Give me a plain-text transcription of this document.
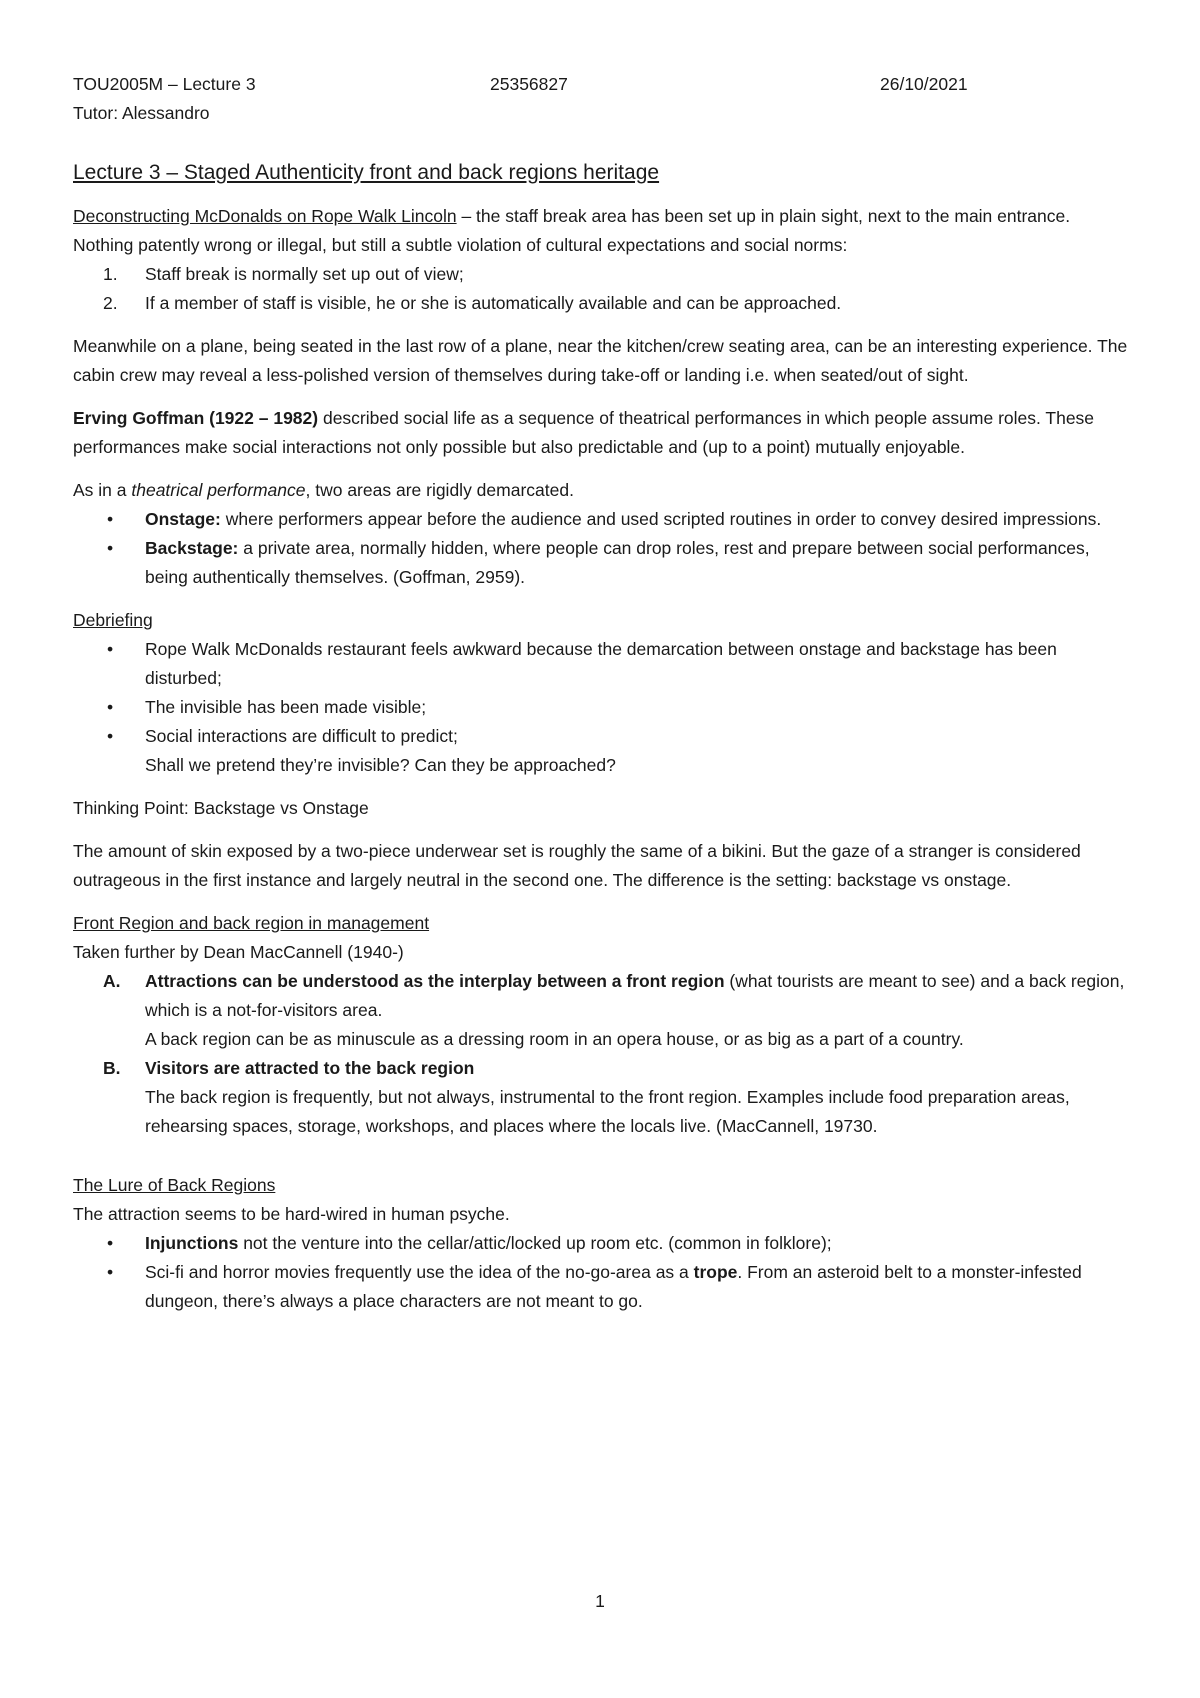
TOU2005M – Lecture 3	25356827	26/10/2021
Tutor: Alessandro
Lecture 3 – Staged Authenticity front and back regions heritage

Deconstructing McDonalds on Rope Walk Lincoln – the staff break area has been set up in plain sight, next to the main entrance. Nothing patently wrong or illegal, but still a subtle violation of cultural expectations and social norms:

1. Staff break is normally set up out of view;
2. If a member of staff is visible, he or she is automatically available and can be approached.

Meanwhile on a plane, being seated in the last row of a plane, near the kitchen/crew seating area, can be an interesting experience. The cabin crew may reveal a less-polished version of themselves during take-off or landing i.e. when seated/out of sight.

Erving Goffman (1922 – 1982) described social life as a sequence of theatrical performances in which people assume roles. These performances make social interactions not only possible but also predictable and (up to a point) mutually enjoyable.

As in a theatrical performance, two areas are rigidly demarcated.

• Onstage: where performers appear before the audience and used scripted routines in order to convey desired impressions.
• Backstage: a private area, normally hidden, where people can drop roles, rest and prepare between social performances, being authentically themselves. (Goffman, 2959).

Debriefing

• Rope Walk McDonalds restaurant feels awkward because the demarcation between onstage and backstage has been disturbed;
• The invisible has been made visible;
• Social interactions are difficult to predict;
Shall we pretend they’re invisible? Can they be approached?

Thinking Point: Backstage vs Onstage

The amount of skin exposed by a two-piece underwear set is roughly the same of a bikini. But the gaze of a stranger is considered outrageous in the first instance and largely neutral in the second one. The difference is the setting: backstage vs onstage.

Front Region and back region in management

Taken further by Dean MacCannell (1940-)

A. Attractions can be understood as the interplay between a front region (what tourists are meant to see) and a back region, which is a not-for-visitors area.
A back region can be as minuscule as a dressing room in an opera house, or as big as a part of a country.
B. Visitors are attracted to the back region
The back region is frequently, but not always, instrumental to the front region. Examples include food preparation areas, rehearsing spaces, storage, workshops, and places where the locals live. (MacCannell, 19730.

The Lure of Back Regions

The attraction seems to be hard-wired in human psyche.

• Injunctions not the venture into the cellar/attic/locked up room etc. (common in folklore);
• Sci-fi and horror movies frequently use the idea of the no-go-area as a trope. From an asteroid belt to a monster-infested dungeon, there’s always a place characters are not meant to go.
1
